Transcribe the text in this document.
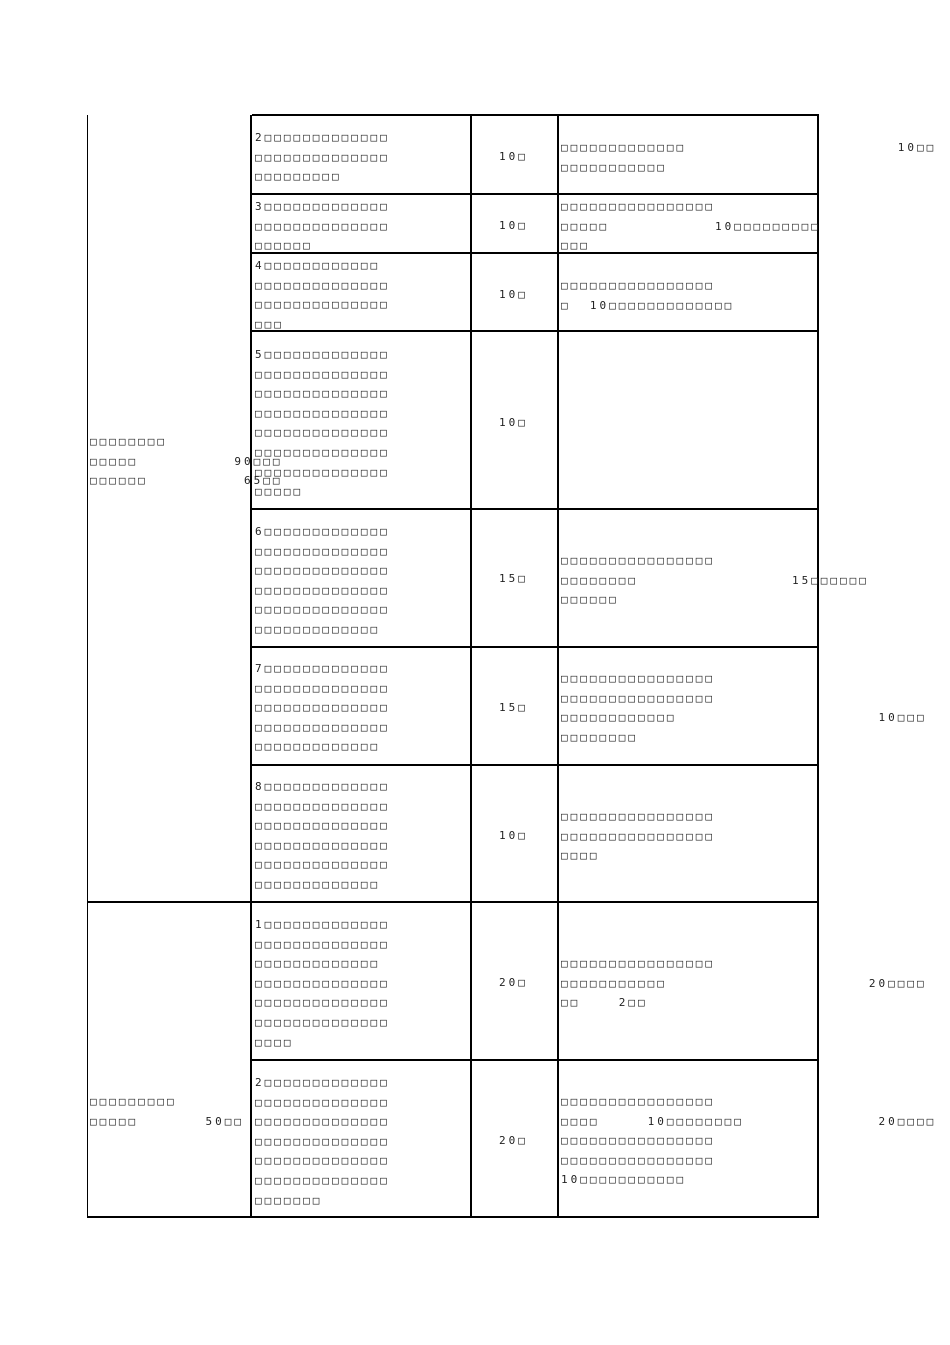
□□□□□□□□
□□□□□          90□□□
□□□□□□          65□□
□□□□□□□□□
□□□□□       50□□
2□□□□□□□□□□□□□
□□□□□□□□□□□□□□
□□□□□□□□□
10□
□□□□□□□□□□□□□                      10□□
□□□□□□□□□□□
3□□□□□□□□□□□□□
□□□□□□□□□□□□□□
□□□□□□
10□
□□□□□□□□□□□□□□□□
□□□□□           10□□□□□□□□□
□□□
4□□□□□□□□□□□□
□□□□□□□□□□□□□□
□□□□□□□□□□□□□□
□□□
10□
□□□□□□□□□□□□□□□□
□  10□□□□□□□□□□□□□
5□□□□□□□□□□□□□
□□□□□□□□□□□□□□
□□□□□□□□□□□□□□
□□□□□□□□□□□□□□
□□□□□□□□□□□□□□
□□□□□□□□□□□□□□
□□□□□□□□□□□□□□
□□□□□
10□
6□□□□□□□□□□□□□
□□□□□□□□□□□□□□
□□□□□□□□□□□□□□
□□□□□□□□□□□□□□
□□□□□□□□□□□□□□
□□□□□□□□□□□□□
15□
□□□□□□□□□□□□□□□□
□□□□□□□□                15□□□□□□
□□□□□□
7□□□□□□□□□□□□□
□□□□□□□□□□□□□□
□□□□□□□□□□□□□□
□□□□□□□□□□□□□□
□□□□□□□□□□□□□
15□
□□□□□□□□□□□□□□□□
□□□□□□□□□□□□□□□□
□□□□□□□□□□□□                     10□□□
□□□□□□□□
8□□□□□□□□□□□□□
□□□□□□□□□□□□□□
□□□□□□□□□□□□□□
□□□□□□□□□□□□□□
□□□□□□□□□□□□□□
□□□□□□□□□□□□□
10□
□□□□□□□□□□□□□□□□
□□□□□□□□□□□□□□□□
□□□□
1□□□□□□□□□□□□□
□□□□□□□□□□□□□□
□□□□□□□□□□□□□
□□□□□□□□□□□□□□
□□□□□□□□□□□□□□
□□□□□□□□□□□□□□
□□□□
20□
□□□□□□□□□□□□□□□□
□□□□□□□□□□□                     20□□□□
□□    2□□
2□□□□□□□□□□□□□
□□□□□□□□□□□□□□
□□□□□□□□□□□□□□
□□□□□□□□□□□□□□
□□□□□□□□□□□□□□
□□□□□□□□□□□□□□
□□□□□□□
20□
□□□□□□□□□□□□□□□□
□□□□     10□□□□□□□□              20□□□□
□□□□□□□□□□□□□□□□
□□□□□□□□□□□□□□□□
10□□□□□□□□□□□
